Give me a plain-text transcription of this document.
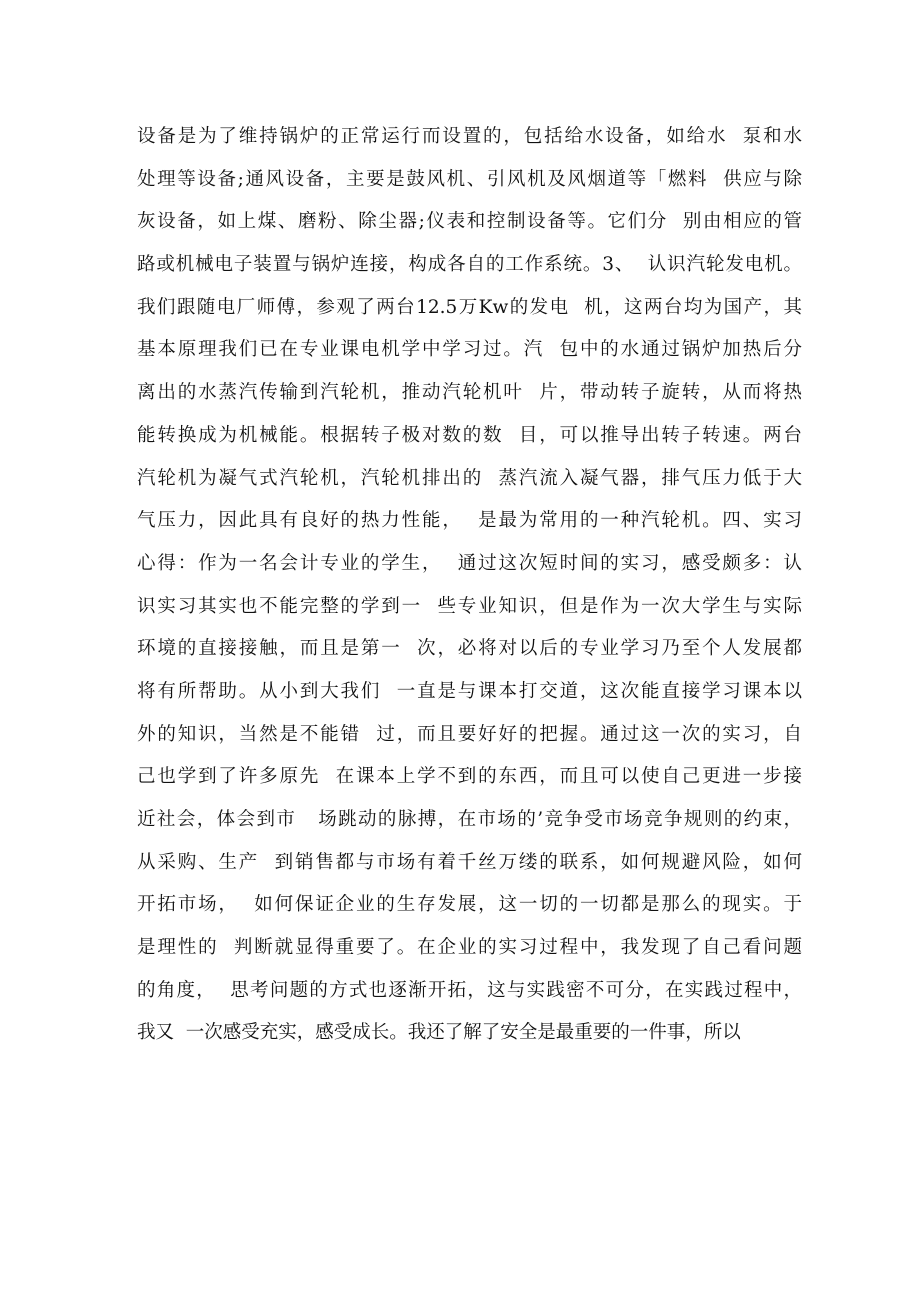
设备是为了维持锅炉的正常运行而设置的，包括给水设备，如给水  泵和水
处理等设备;通风设备，主要是鼓风机、引风机及风烟道等「燃料  供应与除
灰设备，如上煤、磨粉、除尘器;仪表和控制设备等。它们分  别由相应的管
路或机械电子装置与锅炉连接，构成各自的工作系统。3、  认识汽轮发电机。
我们跟随电厂师傅，参观了两台12.5万Kw的发电  机，这两台均为国产，其
基本原理我们已在专业课电机学中学习过。汽  包中的水通过锅炉加热后分
离出的水蒸汽传输到汽轮机，推动汽轮机叶  片，带动转子旋转，从而将热
能转换成为机械能。根据转子极对数的数  目，可以推导出转子转速。两台
汽轮机为凝气式汽轮机，汽轮机排出的  蒸汽流入凝气器，排气压力低于大
气压力，因此具有良好的热力性能，  是最为常用的一种汽轮机。四、实习
心得：作为一名会计专业的学生，  通过这次短时间的实习，感受颇多：认
识实习其实也不能完整的学到一  些专业知识，但是作为一次大学生与实际
环境的直接接触，而且是第一  次，必将对以后的专业学习乃至个人发展都
将有所帮助。从小到大我们  一直是与课本打交道，这次能直接学习课本以
外的知识，当然是不能错  过，而且要好好的把握。通过这一次的实习，自
己也学到了许多原先  在课本上学不到的东西，而且可以使自己更进一步接
近社会，体会到市   场跳动的脉搏，在市场的’竞争受市场竞争规则的约束，
从采购、生产  到销售都与市场有着千丝万缕的联系，如何规避风险，如何
开拓市场，  如何保证企业的生存发展，这一切的一切都是那么的现实。于
是理性的  判断就显得重要了。在企业的实习过程中，我发现了自己看问题
的角度，  思考问题的方式也逐渐开拓，这与实践密不可分，在实践过程中，
我又  一次感受充实，感受成长。我还了解了安全是最重要的一件事，所以
